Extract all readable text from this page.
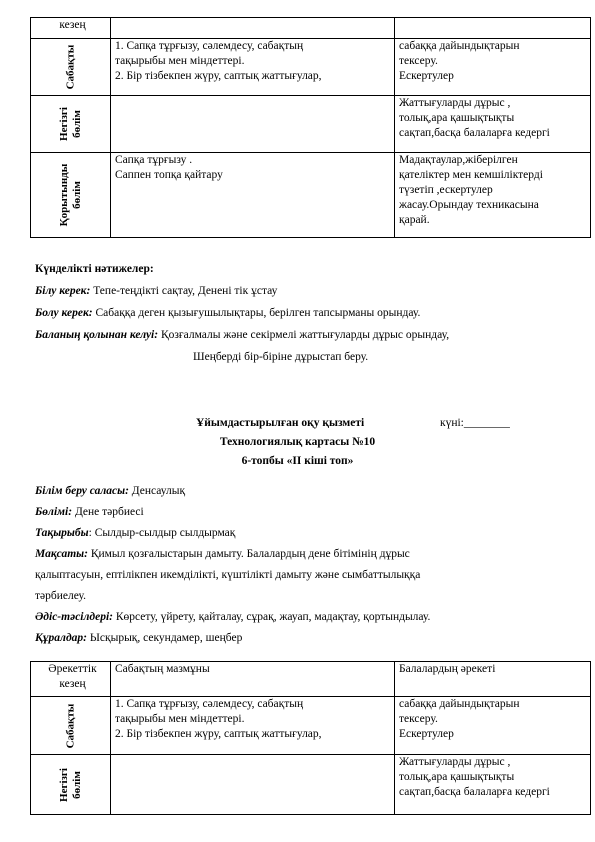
кезең		

Сабақты	1. Сапқа тұрғызу, сәлемдесу, сабақтың
тақырыбы мен міндеттері.
2. Бір тізбекпен жүру, саптық жаттығулар,	сабаққа дайындықтарын
тексеру.
Ескертулер

Негізгі бөлім		Жаттығуларды дұрыс ,
толық,ара қашықтықты
сақтап,басқа балаларға кедергі

Қорытынды бөлім	Сапқа тұрғызу .
Саппен топқа қайтару	Мадақтаулар,жіберілген
қателіктер мен кемшіліктерді
түзетіп ,ескертулер
жасау.Орындау техникасына
қарай.

Күнделікті нәтижелер:

Білу керек: Тепе-теңдікті сақтау, Денені тік ұстау

Болу керек: Сабаққа деген қызығушылықтары, берілген тапсырманы орындау.

Баланың қолынан келуі: Қозғалмалы және секірмелі жаттығуларды дұрыс орындау,

Шеңберді бір-біріне дұрыстап беру.

Ұйымдастырылған оқу қызметі	күні:________

Технологиялық картасы №10

6-топбы «ІІ кіші топ»

Білім беру саласы: Денсаулық

Бөлімі: Дене тәрбиесі

Тақырыбы: Сылдыр-сылдыр сылдырмақ

Мақсаты: Қимыл қозғалыстарын дамыту. Балалардың дене бітімінің дұрыс

қалыптасуын, ептілікпен икемділікті, күштілікті дамыту және сымбаттылыққа

тәрбиелеу.

Әдіс-тәсілдері: Көрсету, үйрету, қайталау, сұрақ, жауап, мадақтау, қортындылау.

Құралдар: Ысқырық, секундамер, шеңбер

Әрекеттік кезең	Сабақтың мазмұны	Балалардың әрекеті

Сабақты	1. Сапқа тұрғызу, сәлемдесу, сабақтың
тақырыбы мен міндеттері.
2. Бір тізбекпен жүру, саптық жаттығулар,	сабаққа дайындықтарын
тексеру.
Ескертулер

Негізгі бөлім		Жаттығуларды дұрыс ,
толық,ара қашықтықты
сақтап,басқа балаларға кедергі
